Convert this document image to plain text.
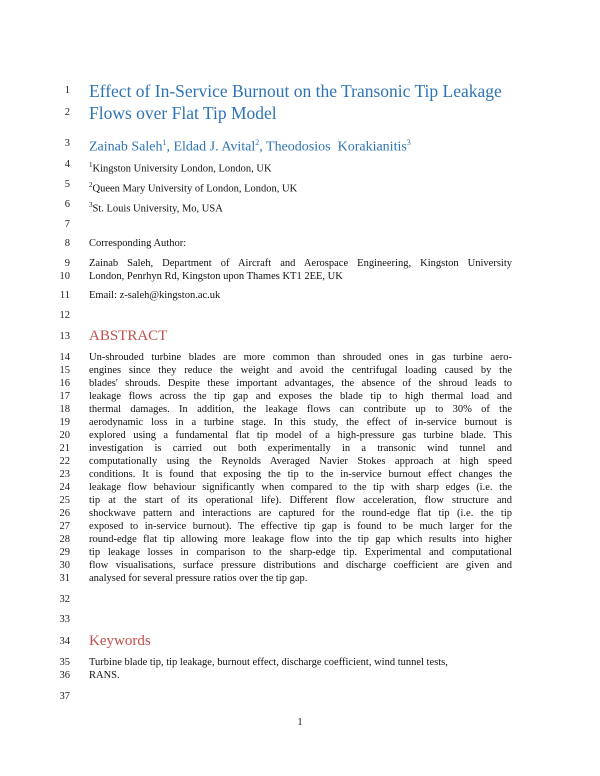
1
2
3
4
5
6
7
8
9
10
11
12
13
14
15
16
17
18
19
20
21
22
23
24
25
26
27
28
29
30
31
32
33
34
35
36
37
Effect of In-Service Burnout on the Transonic Tip Leakage
Flows over Flat Tip Model
Zainab Saleh$^1$, Eldad J. Avital$^2$, Theodosios  Korakianitis$^3$
$^1$Kingston University London, London, UK
$^2$Queen Mary University of London, London, UK
$^3$St. Louis University, Mo, USA
Corresponding Author:
Zainab Saleh, Department of Aircraft and Aerospace Engineering, Kingston University
London, Penrhyn Rd, Kingston upon Thames KT1 2EE, UK
Email: z-saleh@kingston.ac.uk
ABSTRACT
Un-shrouded turbine blades are more common than shrouded ones in gas turbine aero-
engines since they reduce the weight and avoid the centrifugal loading caused by the
blades' shrouds. Despite these important advantages, the absence of the shroud leads to
leakage flows across the tip gap and exposes the blade tip to high thermal load and
thermal damages. In addition, the leakage flows can contribute up to 30% of the
aerodynamic loss in a turbine stage. In this study, the effect of in-service burnout is
explored using a fundamental flat tip model of a high-pressure gas turbine blade. This
investigation is carried out both experimentally in a transonic wind tunnel and
computationally using the Reynolds Averaged Navier Stokes approach at high speed
conditions. It is found that exposing the tip to the in-service burnout effect changes the
leakage flow behaviour significantly when compared to the tip with sharp edges (i.e. the
tip at the start of its operational life). Different flow acceleration, flow structure and
shockwave pattern and interactions are captured for the round-edge flat tip (i.e. the tip
exposed to in-service burnout). The effective tip gap is found to be much larger for the
round-edge flat tip allowing more leakage flow into the tip gap which results into higher
tip leakage losses in comparison to the sharp-edge tip. Experimental and computational
flow visualisations, surface pressure distributions and discharge coefficient are given and
analysed for several pressure ratios over the tip gap.
Keywords
Turbine blade tip, tip leakage, burnout effect, discharge coefficient, wind tunnel tests,
RANS.
1
